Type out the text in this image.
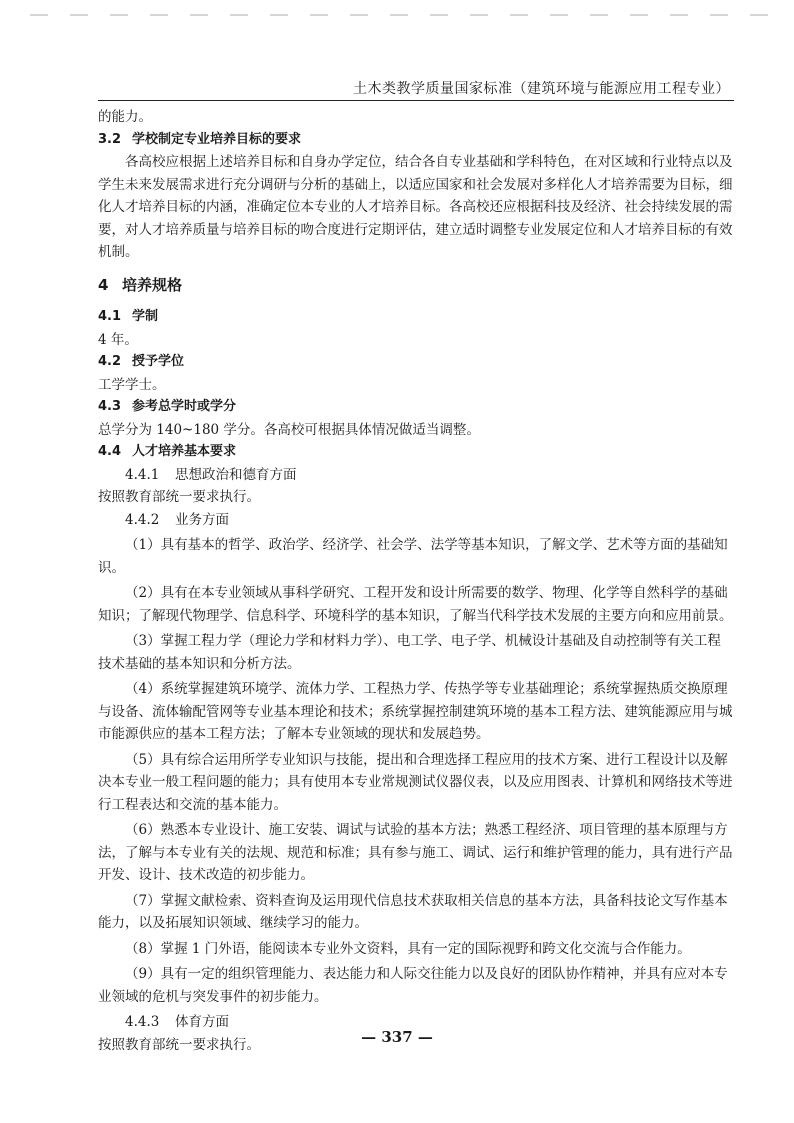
土木类教学质量国家标准（建筑环境与能源应用工程专业）

的能力。

3.2 学校制定专业培养目标的要求

各高校应根据上述培养目标和自身办学定位，结合各自专业基础和学科特色，在对区域和行业特点以及学生未来发展需求进行充分调研与分析的基础上，以适应国家和社会发展对多样化人才培养需要为目标，细化人才培养目标的内涵，准确定位本专业的人才培养目标。各高校还应根据科技及经济、社会持续发展的需要，对人才培养质量与培养目标的吻合度进行定期评估，建立适时调整专业发展定位和人才培养目标的有效机制。

4 培养规格

4.1 学制

4 年。

4.2 授予学位

工学学士。

4.3 参考总学时或学分

总学分为 140~180 学分。各高校可根据具体情况做适当调整。

4.4 人才培养基本要求

4.4.1 思想政治和德育方面

按照教育部统一要求执行。

4.4.2 业务方面

（1）具有基本的哲学、政治学、经济学、社会学、法学等基本知识，了解文学、艺术等方面的基础知识。

（2）具有在本专业领域从事科学研究、工程开发和设计所需要的数学、物理、化学等自然科学的基础知识；了解现代物理学、信息科学、环境科学的基本知识，了解当代科学技术发展的主要方向和应用前景。

（3）掌握工程力学（理论力学和材料力学）、电工学、电子学、机械设计基础及自动控制等有关工程技术基础的基本知识和分析方法。

（4）系统掌握建筑环境学、流体力学、工程热力学、传热学等专业基础理论；系统掌握热质交换原理与设备、流体输配管网等专业基本理论和技术；系统掌握控制建筑环境的基本工程方法、建筑能源应用与城市能源供应的基本工程方法；了解本专业领域的现状和发展趋势。

（5）具有综合运用所学专业知识与技能，提出和合理选择工程应用的技术方案、进行工程设计以及解决本专业一般工程问题的能力；具有使用本专业常规测试仪器仪表，以及应用图表、计算机和网络技术等进行工程表达和交流的基本能力。

（6）熟悉本专业设计、施工安装、调试与试验的基本方法；熟悉工程经济、项目管理的基本原理与方法，了解与本专业有关的法规、规范和标准；具有参与施工、调试、运行和维护管理的能力，具有进行产品开发、设计、技术改造的初步能力。

（7）掌握文献检索、资料查询及运用现代信息技术获取相关信息的基本方法，具备科技论文写作基本能力，以及拓展知识领域、继续学习的能力。

（8）掌握 1 门外语，能阅读本专业外文资料，具有一定的国际视野和跨文化交流与合作能力。

（9）具有一定的组织管理能力、表达能力和人际交往能力以及良好的团队协作精神，并具有应对本专业领域的危机与突发事件的初步能力。

4.4.3 体育方面

按照教育部统一要求执行。	— 337 —
